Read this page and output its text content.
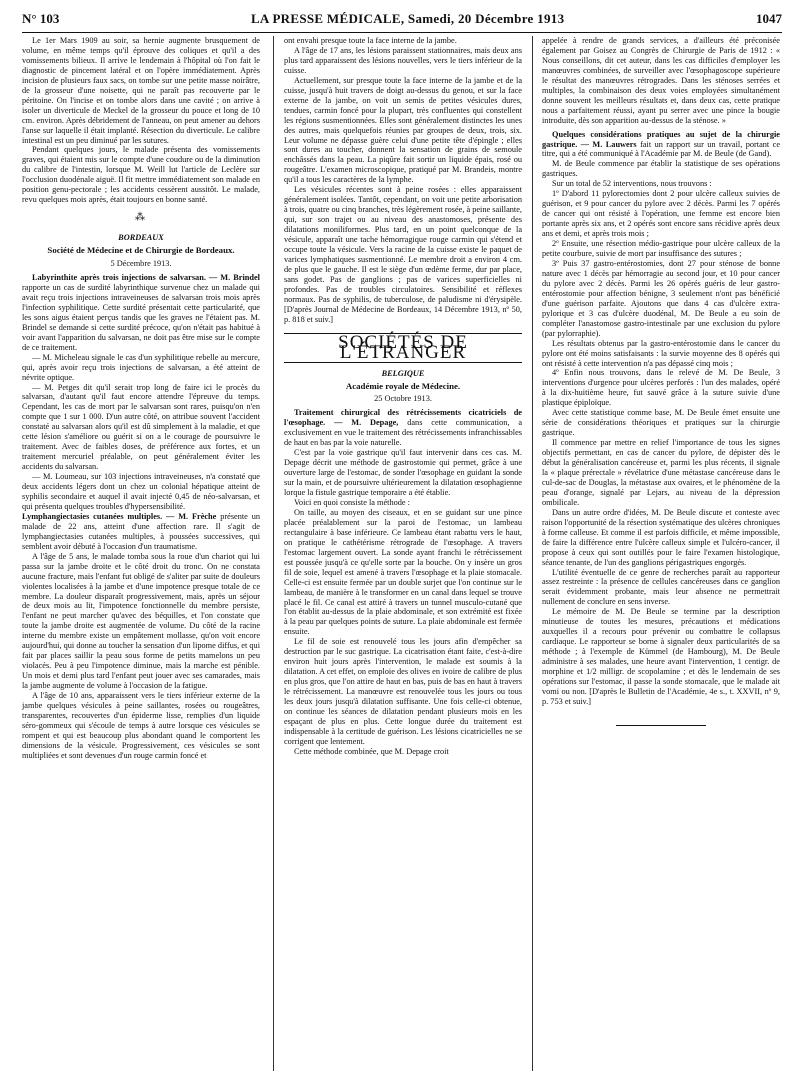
N° 103	LA PRESSE MÉDICALE, Samedi, 20 Décembre 1913	1047

Le 1er Mars 1909 au soir, sa hernie augmente brusquement de volume, en même temps qu'il éprouve des coliques et qu'il a des vomissements bilieux. Il arrive le lendemain à l'hôpital où l'on fait le diagnostic de pincement latéral et on l'opère immédiatement. Après incision de plusieurs faux sacs, on tombe sur une petite masse noirâtre, de la grosseur d'une noisette, qui ne paraît pas recouverte par le péritoine. On l'incise et on tombe alors dans une cavité ; on arrive à isoler un diverticule de Meckel de la grosseur du pouce et long de 10 cm. environ. Après débridement de l'anneau, on peut amener au dehors l'anse sur laquelle il était implanté. Résection du diverticule. Le calibre intestinal est un peu diminué par les sutures.

Pendant quelques jours, le malade présenta des vomissements graves, qui étaient mis sur le compte d'une coudure ou de la diminution du calibre de l'intestin, lorsque M. Weill lut l'article de Leclère sur l'occlusion duodénale aiguë. Il fit mettre immédiatement son malade en position genu-pectorale ; les accidents cessèrent aussitôt. Le malade, revu quelques mois après, était toujours en bonne santé.

⁂
BORDEAUX
Société de Médecine et de Chirurgie de Bordeaux.
5 Décembre 1913.

Labyrinthite après trois injections de salvarsan. — M. Brindel rapporte un cas de surdité labyrinthique survenue chez un malade qui avait reçu trois injections intraveineuses de salvarsan trois mois après l'infection syphilitique. Cette surdité présentait cette particularité, que les sons aigus étaient perçus tandis que les graves ne l'étaient pas. M. Brindel se demande si cette surdité précoce, qu'on n'était pas habitué à voir avant l'apparition du salvarsan, ne doit pas être mise sur le compte de ce traitement.

— M. Micheleau signale le cas d'un syphilitique rebelle au mercure, qui, après avoir reçu trois injections de salvarsan, a été atteint de névrite optique.

— M. Petges dit qu'il serait trop long de faire ici le procès du salvarsan, d'autant qu'il faut encore attendre l'épreuve du temps. Cependant, les cas de mort par le salvarsan sont rares, puisqu'on n'en compte que 1 sur 1 000. D'un autre côté, on attribue souvent l'accident constaté au salvarsan alors qu'il est dû simplement à la maladie, et que cette lésion s'améliore ou guérit si on a le courage de poursuivre le traitement. Avec de faibles doses, de préférence aux fortes, et un traitement mercuriel préalable, on peut généralement éviter les accidents du salvarsan.

— M. Loumeau, sur 103 injections intraveineuses, n'a constaté que deux accidents légers dont un chez un colonial hépatique atteint de syphilis secondaire et auquel il avait injecté 0,45 de néo-salvarsan, et qui présenta quelques troubles d'hypersensibilité.

Lymphangiectasies cutanées multiples. — M. Frèche présente un malade de 22 ans, atteint d'une affection rare. Il s'agit de lymphangiectasies cutanées multiples, à poussées successives, qui semblent avoir débuté à l'occasion d'un traumatisme.

A l'âge de 5 ans, le malade tomba sous la roue d'un chariot qui lui passa sur la jambe droite et le côté droit du tronc. On ne constata aucune fracture, mais l'enfant fut obligé de s'aliter par suite de douleurs violentes localisées à la jambe et d'une impotence presque totale de ce membre. La douleur disparaît progressivement, mais, après un séjour de deux mois au lit, l'impotence fonctionnelle du membre persiste, l'enfant ne peut marcher qu'avec des béquilles, et l'on constate que toute la jambe droite est augmentée de volume. Du côté de la racine interne du membre existe un empâtement mollasse, qu'on voit encore aujourd'hui, qui donne au toucher la sensation d'un lipome diffus, et qui fait par places saillir la peau sous forme de petits mamelons un peu violacés. Peu à peu l'impotence diminue, mais la marche est pénible. Un mois et demi plus tard l'enfant peut jouer avec ses camarades, mais la jambe augmente de volume à l'occasion de la fatigue.

A l'âge de 10 ans, apparaissent vers le tiers inférieur externe de la jambe quelques vésicules à peine saillantes, rosées ou rougeâtres, transparentes, recouvertes d'un épiderme lisse, remplies d'un liquide séro-gommeux qui s'écoule de temps à autre lorsque ces vésicules se rompent et qui est beaucoup plus abondant quand le comportent les dimensions de la vésicule. Progressivement, ces vésicules se sont multipliées et sont devenues d'un rouge carmin foncé et

ont envahi presque toute la face interne de la jambe.

A l'âge de 17 ans, les lésions paraissent stationnaires, mais deux ans plus tard apparaissent des lésions nouvelles, vers le tiers inférieur de la cuisse.

Actuellement, sur presque toute la face interne de la jambe et de la cuisse, jusqu'à huit travers de doigt au-dessus du genou, et sur la face externe de la jambe, on voit un semis de petites vésicules dures, tendues, carmin foncé pour la plupart, très confluentes qui constellent les régions susmentionnées. Elles sont généralement distinctes les unes des autres, mais quelquefois réunies par groupes de deux, trois, six. Leur volume ne dépasse guère celui d'une petite tête d'épingle ; elles sont dures au toucher, donnent la sensation de grains de semoule enchâssés dans la peau. La piqûre fait sortir un liquide épais, rosé ou rougeâtre. L'examen microscopique, pratiqué par M. Brandeis, montre qu'il a tous les caractères de la lymphe.

Les vésicules récentes sont à peine rosées : elles apparaissent généralement isolées. Tantôt, cependant, on voit une petite arborisation à trois, quatre ou cinq branches, très légèrement rosée, à peine saillante, qui, sur son trajet ou au niveau des anastomoses, présente des dilatations moniliformes. Plus tard, en un point quelconque de la vésicule, apparaît une tache hémorragique rouge carmin qui s'étend et occupe toute la vésicule. Vers la racine de la cuisse existe le paquet de varices lymphatiques susmentionné. Le membre droit a environ 4 cm. de plus que le gauche. Il est le siège d'un œdème ferme, dur par place, sans godet. Pas de ganglions ; pas de varices superficielles ni profondes. Pas de troubles circulatoires. Sensibilité et réflexes normaux. Pas de syphilis, de tuberculose, de paludisme ni d'érysipèle. [D'après Journal de Médecine de Bordeaux, 14 Décembre 1913, nº 50, p. 818 et suiv.]

SOCIÉTÉS DE L'ÉTRANGER
BELGIQUE
Académie royale de Médecine.
25 Octobre 1913.

Traitement chirurgical des rétrécissements cicatriciels de l'œsophage. — M. Depage, dans cette communication, a exclusivement en vue le traitement des rétrécissements infranchissables de haut en bas par la voie naturelle.

C'est par la voie gastrique qu'il faut intervenir dans ces cas. M. Depage décrit une méthode de gastrostomie qui permet, grâce à une ouverture large de l'estomac, de sonder l'œsophage en guidant la sonde sur la main, et de poursuivre ultérieurement la dilatation œsophagienne lorque la fistule gastrique temporaire a été établie.

Voici en quoi consiste la méthode :

On taille, au moyen des ciseaux, et en se guidant sur une pince placée préalablement sur la paroi de l'estomac, un lambeau rectangulaire à base inférieure. Ce lambeau étant rabattu vers le haut, on pratique le cathétérisme rétrograde de l'œsophage. A travers l'estomac largement ouvert. La sonde ayant franchi le rétrécissement est poussée jusqu'à ce qu'elle sorte par la bouche. On y insère un gros fil de soie, lequel est amené à travers l'œsophage et la plaie stomacale. Celle-ci est ensuite fermée par un double surjet que l'on continue sur le lambeau, de manière à le transformer en un canal dans lequel se trouve placé le fil. Ce canal est attiré à travers un tunnel musculo-cutané que l'on établit au-dessus de la plaie abdominale, et son extrémité est fixée à la peau par quelques points de suture. La plaie abdominale est fermée ensuite.

Le fil de soie est renouvelé tous les jours afin d'empêcher sa destruction par le suc gastrique. La cicatrisation étant faite, c'est-à-dire environ huit jours après l'intervention, le malade est soumis à la dilatation. A cet effet, on emploie des olives en ivoire de calibre de plus en plus gros, que l'on attire de haut en bas, puis de bas en haut à travers le rétrécissement. La manœuvre est renouvelée tous les jours ou tous les deux jours jusqu'à dilatation suffisante. Une fois celle-ci obtenue, on continue les séances de dilatation pendant plusieurs mois en les espaçant de plus en plus. Cette longue durée du traitement est indispensable à la certitude de guérison. Les lésions cicatricielles ne se corrigent que lentement.

Cette méthode combinée, que M. Depage croit

appelée à rendre de grands services, a d'ailleurs été préconisée également par Goisez au Congrès de Chirurgie de Paris de 1912 : « Nous conseillons, dit cet auteur, dans les cas difficiles d'employer les manœuvres combinées, de surveiller avec l'œsophagoscope supérieure le résultat des manœuvres rétrogrades. Dans les sténoses serrées et multiples, la combinaison des deux voies employées simultanément donne souvent les meilleurs résultats et, dans deux cas, cette pratique nous a parfaitement réussi, ayant pu serrer avec une pince la bougie introduite, dès son apparition au-dessus de la sténose. »

Quelques considérations pratiques au sujet de la chirurgie gastrique. — M. Lauwers fait un rapport sur un travail, portant ce titre, qui a été communiqué à l'Académie par M. de Beule (de Gand).

M. de Beule commence par établir la statistique de ses opérations gastriques.

Sur un total de 52 interventions, nous trouvons :

1º D'abord 11 pylorectomies dont 2 pour ulcère calleux suivies de guérison, et 9 pour cancer du pylore avec 2 décès. Parmi les 7 opérés de cancer qui ont résisté à l'opération, une femme est encore bien portante après six ans, et 2 opérés sont encore sans récidive après deux ans et demi, et après trois mois ;

2º Ensuite, une résection médio-gastrique pour ulcère calleux de la petite courbure, suivie de mort par insuffisance des sutures ;

3º Puis 37 gastro-entérostomies, dont 27 pour sténose de bonne nature avec 1 décès par hémorragie au second jour, et 10 pour cancer du pylore avec 2 décès. Parmi les 26 opérés guéris de leur gastro-entérostomie pour affection bénigne, 3 seulement n'ont pas bénéficié d'une guérison parfaite. Ajoutons que dans 4 cas d'ulcère extra-pylorique et 3 cas d'ulcère duodénal, M. De Beule a eu soin de compléter l'anastomose gastro-intestinale par une exclusion du pylore (par pylorraphie).

Les résultats obtenus par la gastro-entérostomie dans le cancer du pylore ont été moins satisfaisants : la survie moyenne des 8 opérés qui ont résisté à cette intervention n'a pas dépassé cinq mois ;

4º Enfin nous trouvons, dans le relevé de M. De Beule, 3 interventions d'urgence pour ulcères perforés : l'un des malades, opéré à la dix-huitième heure, fut sauvé grâce à la suture suivie d'une plastique épiploïque.

Avec cette statistique comme base, M. De Beule émet ensuite une série de considérations théoriques et pratiques sur la chirurgie gastrique.

Il commence par mettre en relief l'importance de tous les signes objectifs permettant, en cas de cancer du pylore, de dépister dès le début la généralisation cancéreuse et, parmi les plus récents, il signale la « plaque prérectale » révélatrice d'une métastase cancéreuse dans le cul-de-sac de Douglas, la métastase aux ovaires, et le phénomène de la peau d'orange, signalé par Lejars, au niveau de la dépression ombilicale.

Dans un autre ordre d'idées, M. De Beule discute et conteste avec raison l'opportunité de la résection systématique des ulcères chroniques à forme calleuse. Et comme il est parfois difficile, et même impossible, de faire la différence entre l'ulcère calleux simple et l'ulcéro-cancer, il propose à ceux qui sont outillés pour le faire l'examen histologique, séance tenante, de l'un des ganglions périgastriques engorgés.

L'utilité éventuelle de ce genre de recherches paraît au rapporteur assez restreinte : la présence de cellules cancéreuses dans ce ganglion serait évidemment probante, mais leur absence ne permettrait nullement de conclure en sens inverse.

Le mémoire de M. De Beule se termine par la description minutieuse de toutes les mesures, précautions et médications auxquelles il a recours pour prévenir ou combattre le collapsus cardiaque. Le rapporteur se borne à signaler deux particularités de sa méthode ; à l'exemple de Kümmel (de Hambourg), M. De Beule administre à ses malades, une heure avant l'intervention, 1 centigr. de morphine et 1/2 milligr. de scopolamine ; et dès le lendemain de ses opérations sur l'estomac, il passe la sonde stomacale, que le malade ait vomi ou non. [D'après le Bulletin de l'Académie, 4e s., t. XXVII, nº 9, p. 753 et suiv.]
